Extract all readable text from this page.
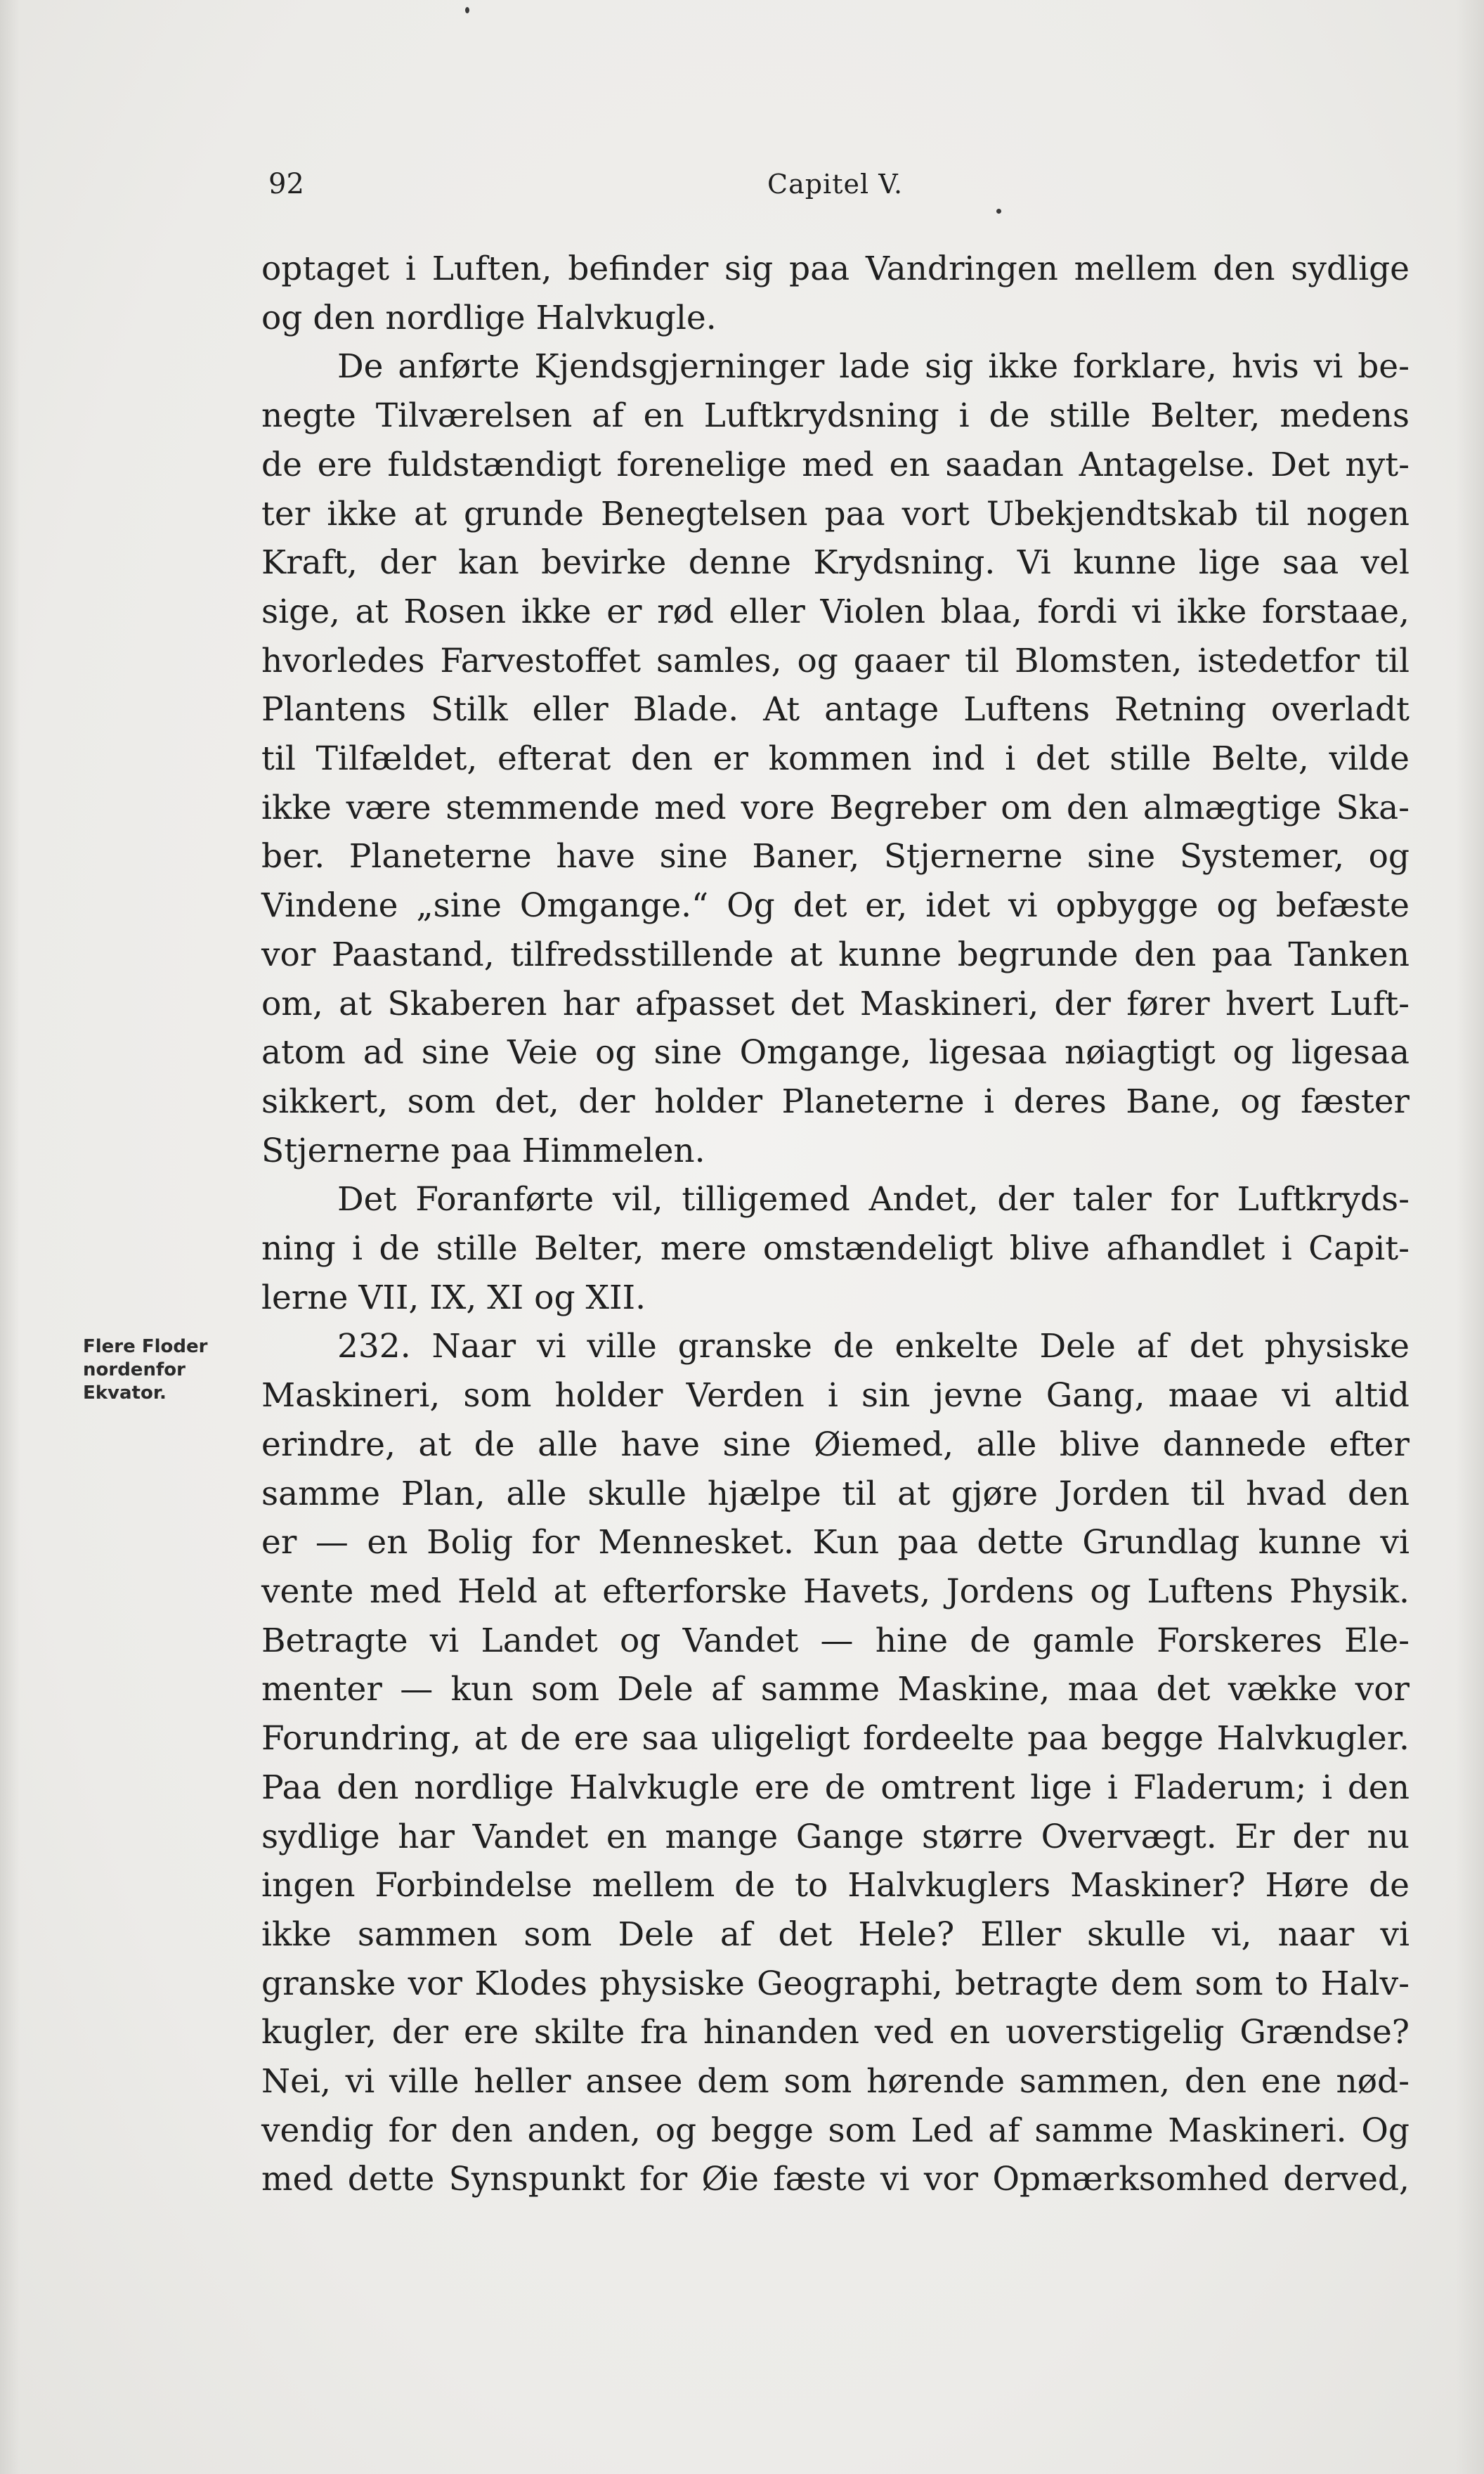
92	Capitel V.
Flere Floder
nordenfor
Ekvator.
optaget i Luften, befinder sig paa Vandringen mellem den sydlige
og den nordlige Halvkugle.
De anførte Kjendsgjerninger lade sig ikke forklare, hvis vi be-
negte Tilværelsen af en Luftkrydsning i de stille Belter, medens
de ere fuldstændigt forenelige med en saadan Antagelse. Det nyt-
ter ikke at grunde Benegtelsen paa vort Ubekjendtskab til nogen
Kraft, der kan bevirke denne Krydsning. Vi kunne lige saa vel
sige, at Rosen ikke er rød eller Violen blaa, fordi vi ikke forstaae,
hvorledes Farvestoffet samles, og gaaer til Blomsten, istedetfor til
Plantens Stilk eller Blade. At antage Luftens Retning overladt
til Tilfældet, efterat den er kommen ind i det stille Belte, vilde
ikke være stemmende med vore Begreber om den almægtige Ska-
ber. Planeterne have sine Baner, Stjernerne sine Systemer, og
Vindene „sine Omgange.“ Og det er, idet vi opbygge og befæste
vor Paastand, tilfredsstillende at kunne begrunde den paa Tanken
om, at Skaberen har afpasset det Maskineri, der fører hvert Luft-
atom ad sine Veie og sine Omgange, ligesaa nøiagtigt og ligesaa
sikkert, som det, der holder Planeterne i deres Bane, og fæster
Stjernerne paa Himmelen.
Det Foranførte vil, tilligemed Andet, der taler for Luftkryds-
ning i de stille Belter, mere omstændeligt blive afhandlet i Capit-
lerne VII, IX, XI og XII.
232. Naar vi ville granske de enkelte Dele af det physiske
Maskineri, som holder Verden i sin jevne Gang, maae vi altid
erindre, at de alle have sine Øiemed, alle blive dannede efter
samme Plan, alle skulle hjælpe til at gjøre Jorden til hvad den
er — en Bolig for Mennesket. Kun paa dette Grundlag kunne vi
vente med Held at efterforske Havets, Jordens og Luftens Physik.
Betragte vi Landet og Vandet — hine de gamle Forskeres Ele-
menter — kun som Dele af samme Maskine, maa det vække vor
Forundring, at de ere saa uligeligt fordeelte paa begge Halvkugler.
Paa den nordlige Halvkugle ere de omtrent lige i Fladerum; i den
sydlige har Vandet en mange Gange større Overvægt. Er der nu
ingen Forbindelse mellem de to Halvkuglers Maskiner? Høre de
ikke sammen som Dele af det Hele? Eller skulle vi, naar vi
granske vor Klodes physiske Geographi, betragte dem som to Halv-
kugler, der ere skilte fra hinanden ved en uoverstigelig Grændse?
Nei, vi ville heller ansee dem som hørende sammen, den ene nød-
vendig for den anden, og begge som Led af samme Maskineri. Og
med dette Synspunkt for Øie fæste vi vor Opmærksomhed derved,
